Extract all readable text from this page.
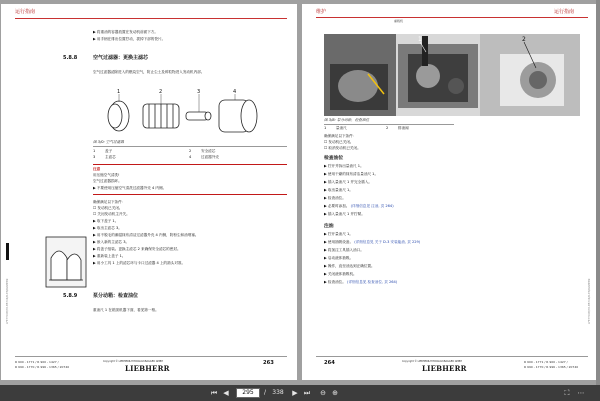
运行指南
▶ 将重油的容器放置在发动机前面下方。
▶ 用手柄在排出位置拧动，拔掉下部的瓷片。
5.8.8	空气过滤器：更换主滤芯
空气过滤器滤除进入的燃烧空气，防止尘土及碎粒物进入发动机内部。
1	2	3	4
图 3/0: 空气过滤器
1	盖子	2	安全滤芯
3	主滤芯	4	过滤器外壳
注意
用压缩空气清洗!
空气过滤器损坏。
▶ 不要使用压缩空气清洗过滤器外壳 4 内侧。
确保满足以下条件：
☐ 发动机已关闭。
☐ 关闭发动机主开关。
▶ 取下盖子 1。
▶ 取出主滤芯 3。
▶ 用不脱毛的潮湿抹布清洁过滤器外壳 4 内侧，防粉尘和油堵塞。
▶ 嵌入新的主滤芯 3。
▶ 将盖子组装。更换主滤芯 2 来确保安全滤芯的密封。
▶ 重新装上盖子 1。
▶ 用小工具 1 上的滤芯环与卡口过滤器 4 上的箭头对准。
5.8.9	泵分动箱：检查油位
重油尺 1 在箱顶机器下面，看见第一格。
LFE7T00B/76-EB704/D-EN/DAHEB9
R 900 - 1771 / R 900 - 1427 /
R 990 - 1770 / R 996 - 1365 / 20740
Copyright © LIEBHERR-HYDRAULIKBAGGER GMBH
LIEBHERR
263
维护
重载机
运行指南
1	2
图 3/8: 泵分动箱，检查油位
1	量油尺	2	排油阀
确保满足以下条件：
☐ 发动机已关闭。
☐ 取消发动机已关闭。
检查油位
▶ 拧开并拆出量油尺 1。
▶ 使用干燥的抹布清洁量油尺 1。
▶ 插入量油尺 1 并完全插入。
▶ 取出量油尺 1。
▶ 检查油位。
▶ 必要时添加。 (详细信息见 注油, 页 264)
▶ 插入量油尺 1 并拧紧。
注油
▶ 拧开量油尺 1。
▶ 使用抽吸设备。 (详细信息见 关于 D-3 安装能油, 页 229)
▶ 将加注工具插入油口。
▶ 启动液体抽吸。
▶ 操作，直至油达到正确位置。
▶ 关闭液体抽吸机。
▶ 检查油位。 (详细信息见 检查油位, 页 264)	LFE7T00B/76-EB704/D-EN/DAHEB9
264	Copyright © LIEBHERR-HYDRAULIKBAGGER GMBH
LIEBHERR
R 900 - 1771 / R 900 - 1427 /
R 990 - 1770 / R 996 - 1365 / 20740
⏮ ◀	295	/	338	▶ ⏭ ⊖ ⊕	⛶	⋯
